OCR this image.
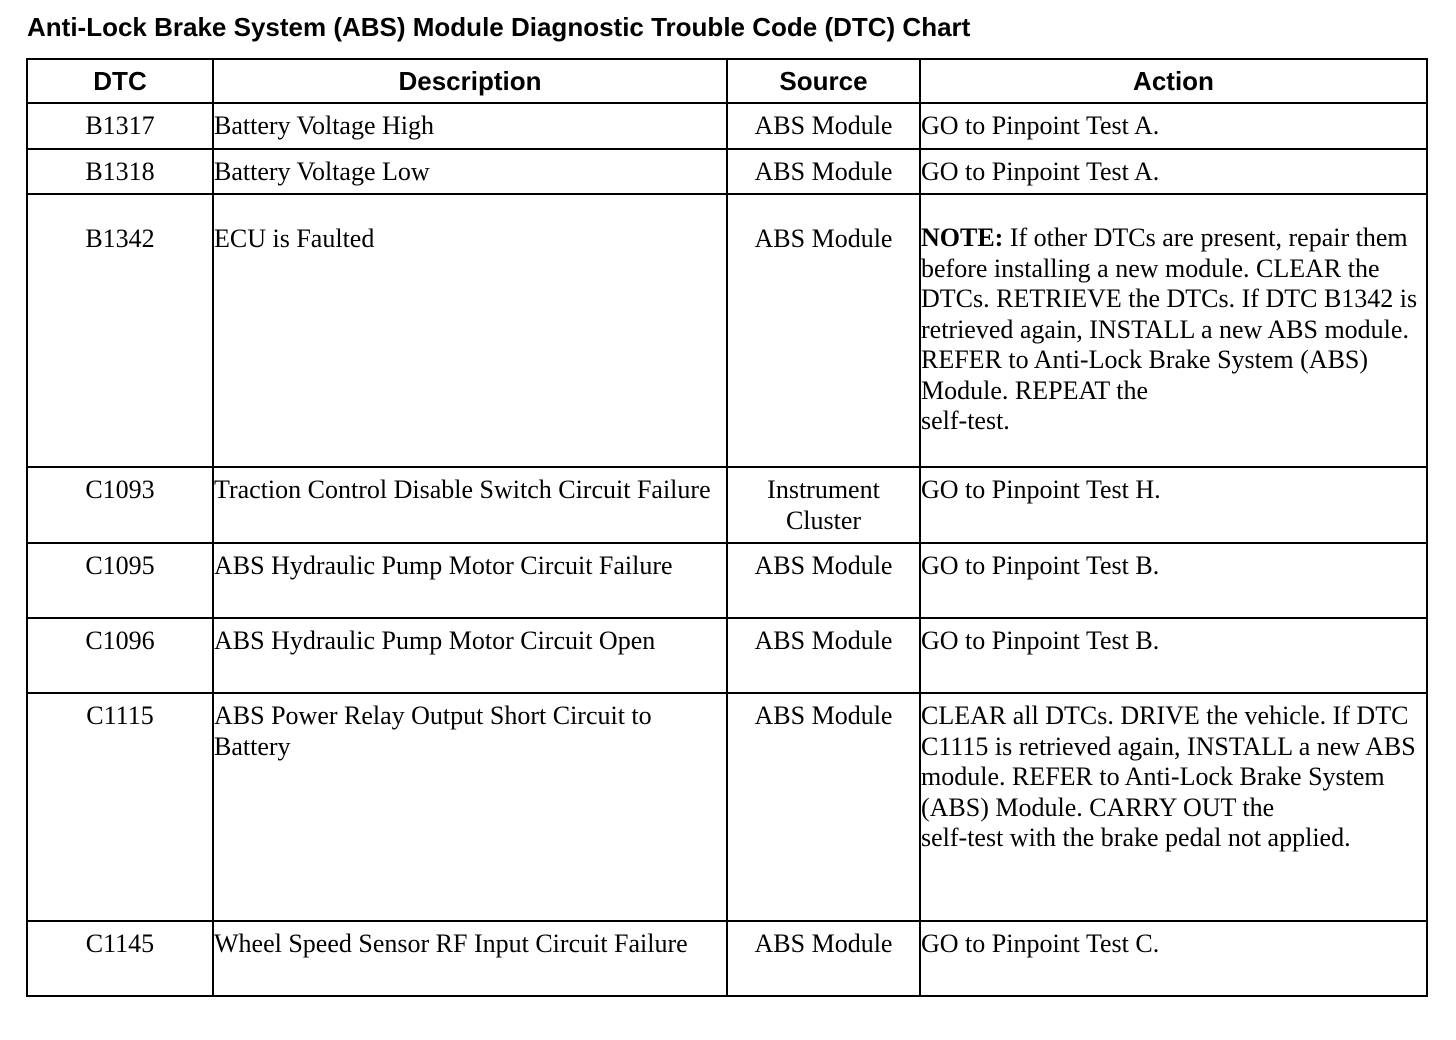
Anti-Lock Brake System (ABS) Module Diagnostic Trouble Code (DTC) Chart
DTC	Description	Source	Action
B1317	Battery Voltage High	ABS Module	GO to Pinpoint Test A.
B1318	Battery Voltage Low	ABS Module	GO to Pinpoint Test A.
B1342	ECU is Faulted	ABS Module	NOTE: If other DTCs are present, repair them before installing a new module. CLEAR the DTCs. RETRIEVE the DTCs. If DTC B1342 is retrieved again, INSTALL a new ABS module. REFER to Anti-Lock Brake System (ABS) Module. REPEAT the
self-test.

C1093	Traction Control Disable Switch Circuit Failure	Instrument Cluster	GO to Pinpoint Test H.
C1095	ABS Hydraulic Pump Motor Circuit Failure	ABS Module	GO to Pinpoint Test B.
C1096	ABS Hydraulic Pump Motor Circuit Open	ABS Module	GO to Pinpoint Test B.
C1115	ABS Power Relay Output Short Circuit to Battery	ABS Module	CLEAR all DTCs. DRIVE the vehicle. If DTC C1115 is retrieved again, INSTALL a new ABS module. REFER to Anti-Lock Brake System (ABS) Module. CARRY OUT the
self-test with the brake pedal not applied.

C1145	Wheel Speed Sensor RF Input Circuit Failure	ABS Module	GO to Pinpoint Test C.
